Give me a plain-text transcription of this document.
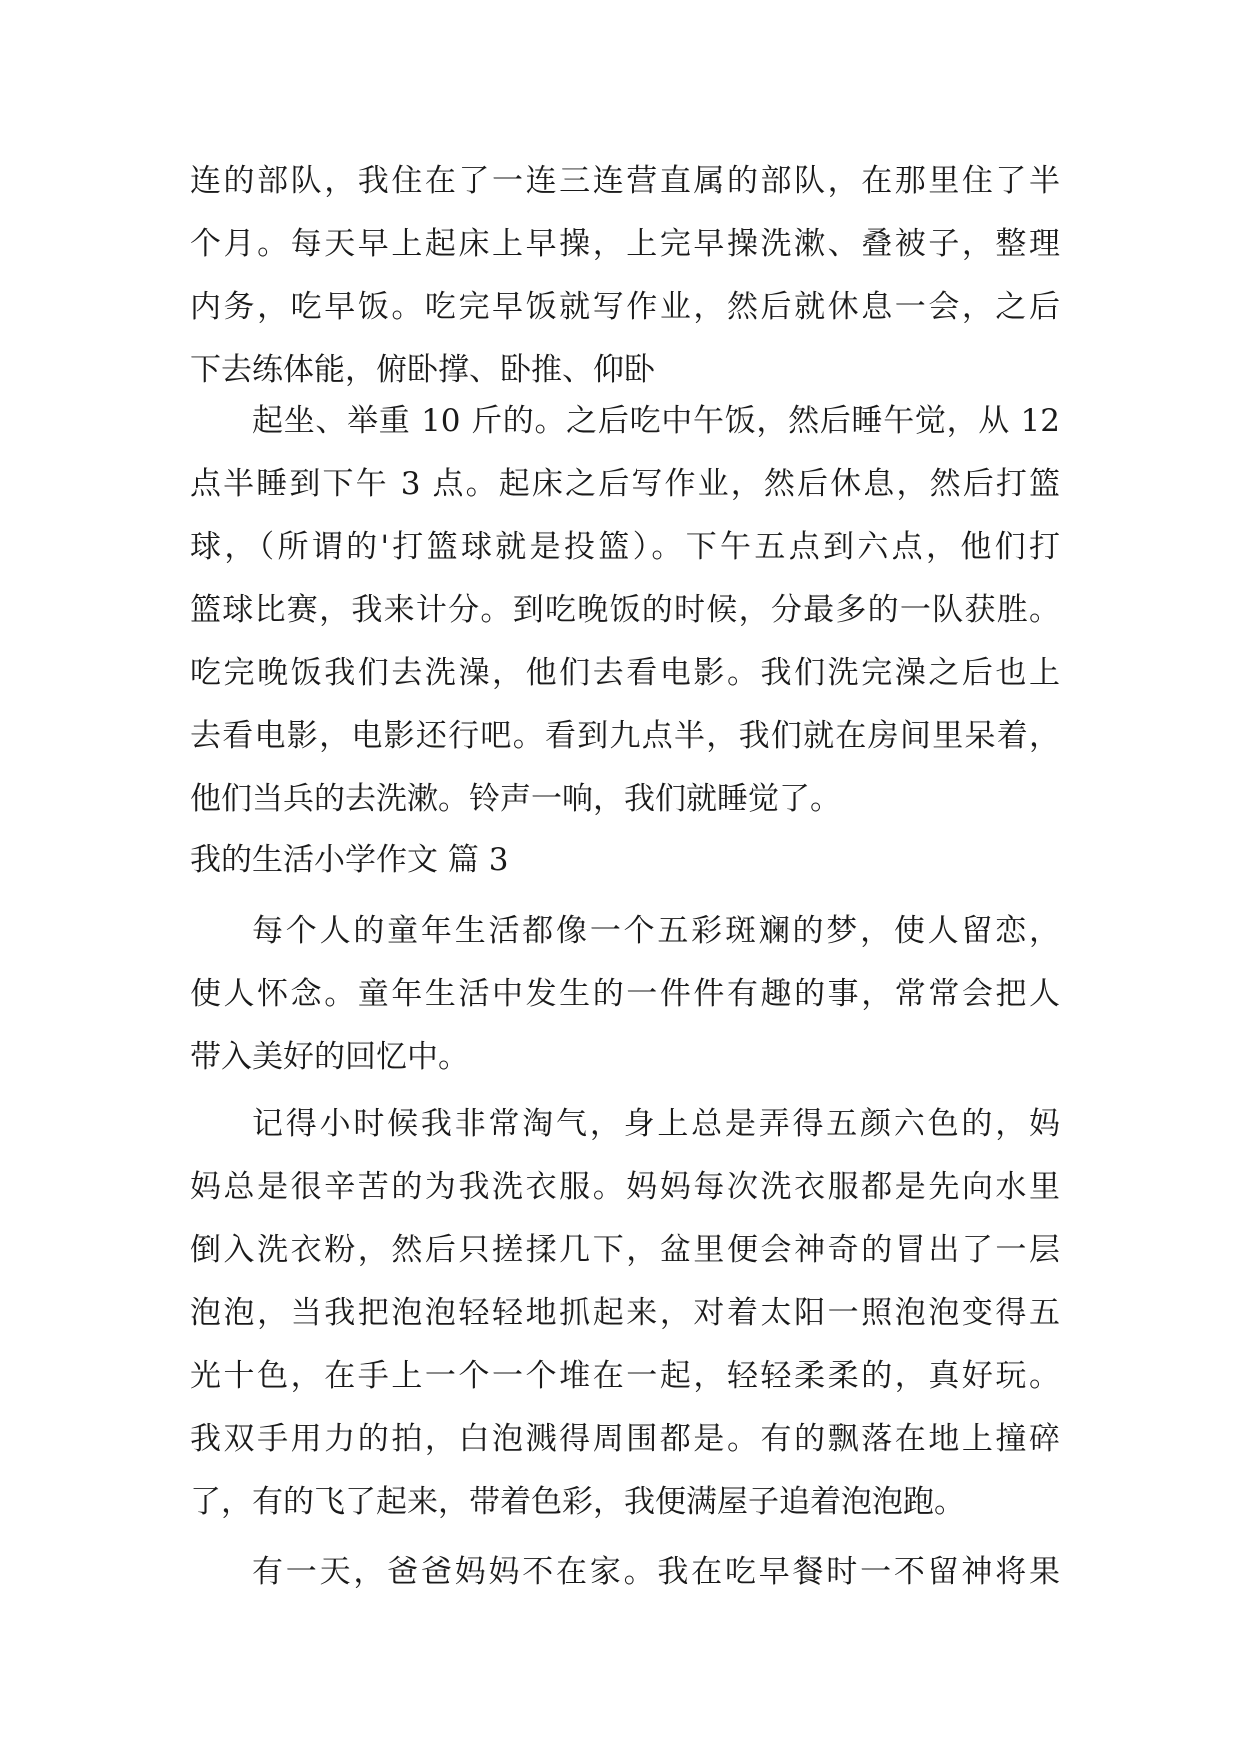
连的部队，我住在了一连三连营直属的部队，在那里住了半
个月。每天早上起床上早操，上完早操洗漱、叠被子，整理
内务，吃早饭。吃完早饭就写作业，然后就休息一会，之后
下去练体能，俯卧撑、卧推、仰卧
起坐、举重 10 斤的。之后吃中午饭，然后睡午觉，从 12
点半睡到下午 3 点。起床之后写作业，然后休息，然后打篮
球，（所谓的'打篮球就是投篮）。下午五点到六点，他们打
篮球比赛，我来计分。到吃晚饭的时候，分最多的一队获胜。
吃完晚饭我们去洗澡，他们去看电影。我们洗完澡之后也上
去看电影，电影还行吧。看到九点半，我们就在房间里呆着，
他们当兵的去洗漱。铃声一响，我们就睡觉了。
我的生活小学作文 篇 3
每个人的童年生活都像一个五彩斑斓的梦，使人留恋，
使人怀念。童年生活中发生的一件件有趣的事，常常会把人
带入美好的回忆中。
记得小时候我非常淘气，身上总是弄得五颜六色的，妈
妈总是很辛苦的为我洗衣服。妈妈每次洗衣服都是先向水里
倒入洗衣粉，然后只搓揉几下，盆里便会神奇的冒出了一层
泡泡，当我把泡泡轻轻地抓起来，对着太阳一照泡泡变得五
光十色，在手上一个一个堆在一起，轻轻柔柔的，真好玩。
我双手用力的拍，白泡溅得周围都是。有的飘落在地上撞碎
了，有的飞了起来，带着色彩，我便满屋子追着泡泡跑。
有一天，爸爸妈妈不在家。我在吃早餐时一不留神将果
